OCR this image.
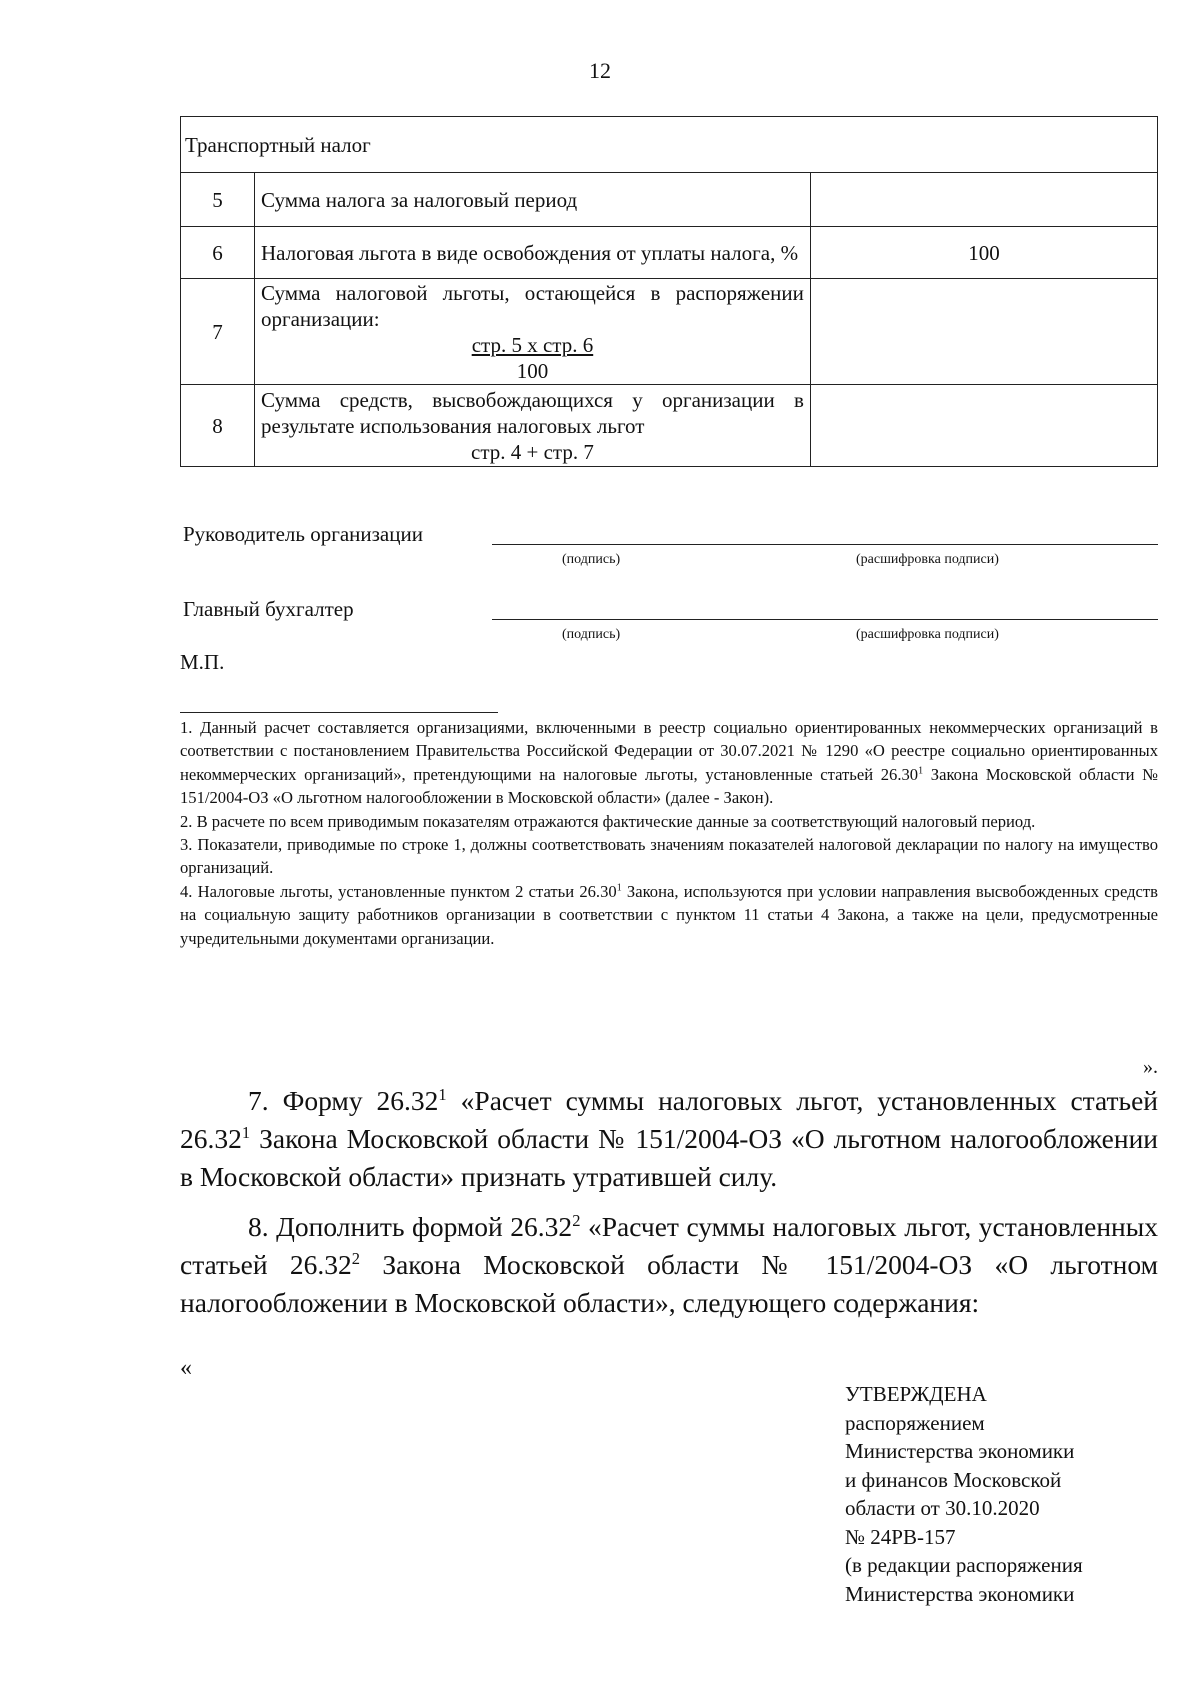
12
Транспортный налог		
5	Сумма налога за налоговый период	
6	Налоговая льгота в виде освобождения от уплаты налога, %	100
7	Сумма налоговой льготы, остающейся в распоряжении организации:
стр. 5 х стр. 6
100	

8	Сумма средств, высвобождающихся у организации в результате использования налоговых льгот
стр. 4 + стр. 7	

Руководитель организации
(подпись)	(расшифровка подписи)
Главный бухгалтер
(подпись)	(расшифровка подписи)
М.П.

1. Данный расчет составляется организациями, включенными в реестр социально ориентированных некоммерческих организаций в соответствии с постановлением Правительства Российской Федерации от 30.07.2021 № 1290 «О реестре социально ориентированных некоммерческих организаций», претендующими на налоговые льготы, установленные статьей 26.30$^1$ Закона Московской области № 151/2004-ОЗ «О льготном налогообложении в Московской области» (далее - Закон).

2. В расчете по всем приводимым показателям отражаются фактические данные за соответствующий налоговый период.

3. Показатели, приводимые по строке 1, должны соответствовать значениям показателей налоговой декларации по налогу на имущество организаций.

4. Налоговые льготы, установленные пунктом 2 статьи 26.30$^1$ Закона, используются при условии направления высвобожденных средств на социальную защиту работников организации в соответствии с пунктом 11 статьи 4 Закона, а также на цели, предусмотренные учредительными документами организации.

».

7. Форму 26.32$^1$ «Расчет суммы налоговых льгот, установленных статьей 26.32$^1$ Закона Московской области № 151/2004-ОЗ «О льготном налогообложении в Московской области» признать утратившей силу.

8. Дополнить формой 26.32$^2$ «Расчет суммы налоговых льгот, установленных статьей 26.32$^2$ Закона Московской области № 151/2004-ОЗ «О льготном налогообложении в Московской области», следующего содержания:

«
УТВЕРЖДЕНА
распоряжением
Министерства экономики
и финансов Московской
области от 30.10.2020
№ 24РВ-157
(в редакции распоряжения
Министерства экономики
